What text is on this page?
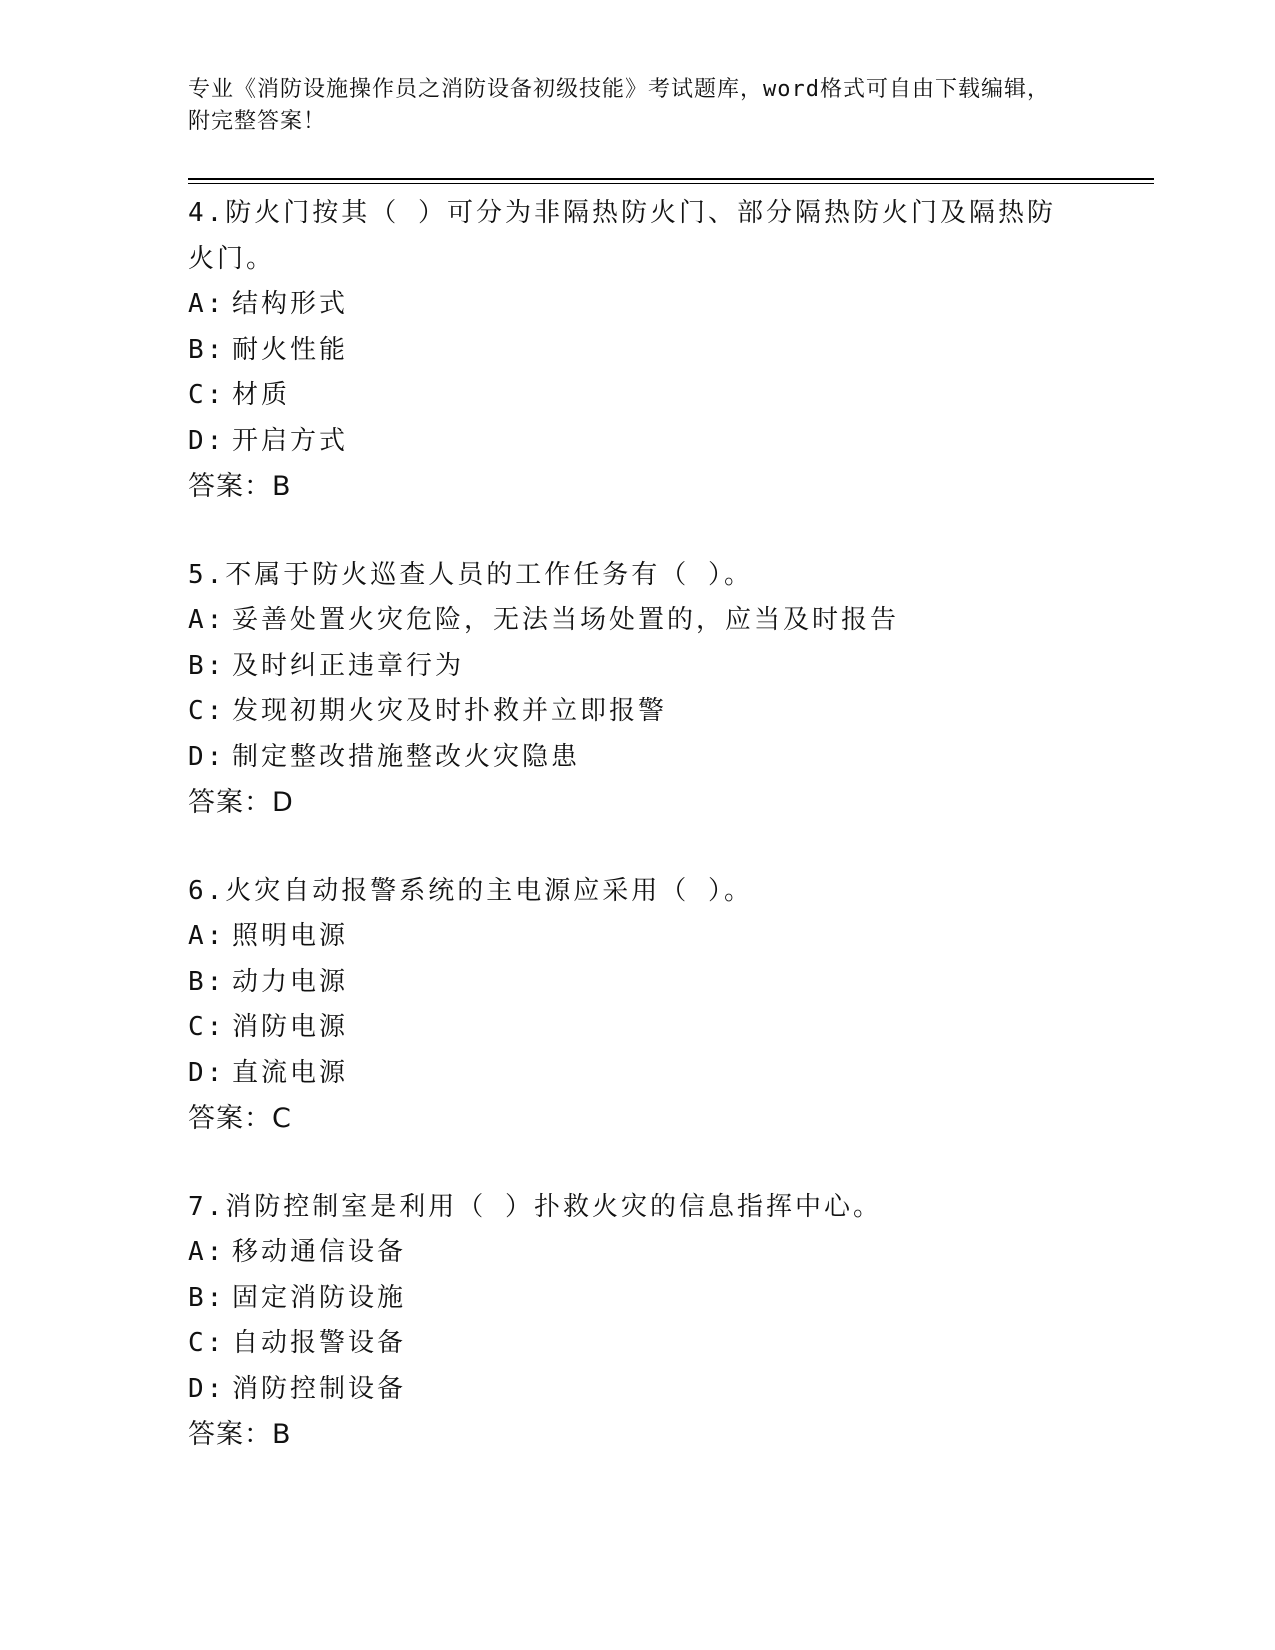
专业《消防设施操作员之消防设备初级技能》考试题库，word格式可自由下载编辑，附完整答案！

4.防火门按其（ ）可分为非隔热防火门、部分隔热防火门及隔热防火门。

A: 结构形式
B: 耐火性能
C: 材质
D: 开启方式
答案：B

5.不属于防火巡查人员的工作任务有（ ）。

A: 妥善处置火灾危险，无法当场处置的，应当及时报告
B: 及时纠正违章行为
C: 发现初期火灾及时扑救并立即报警
D: 制定整改措施整改火灾隐患
答案：D

6.火灾自动报警系统的主电源应采用（ ）。

A: 照明电源
B: 动力电源
C: 消防电源
D: 直流电源
答案：C

7.消防控制室是利用（ ）扑救火灾的信息指挥中心。

A: 移动通信设备
B: 固定消防设施
C: 自动报警设备
D: 消防控制设备
答案：B
